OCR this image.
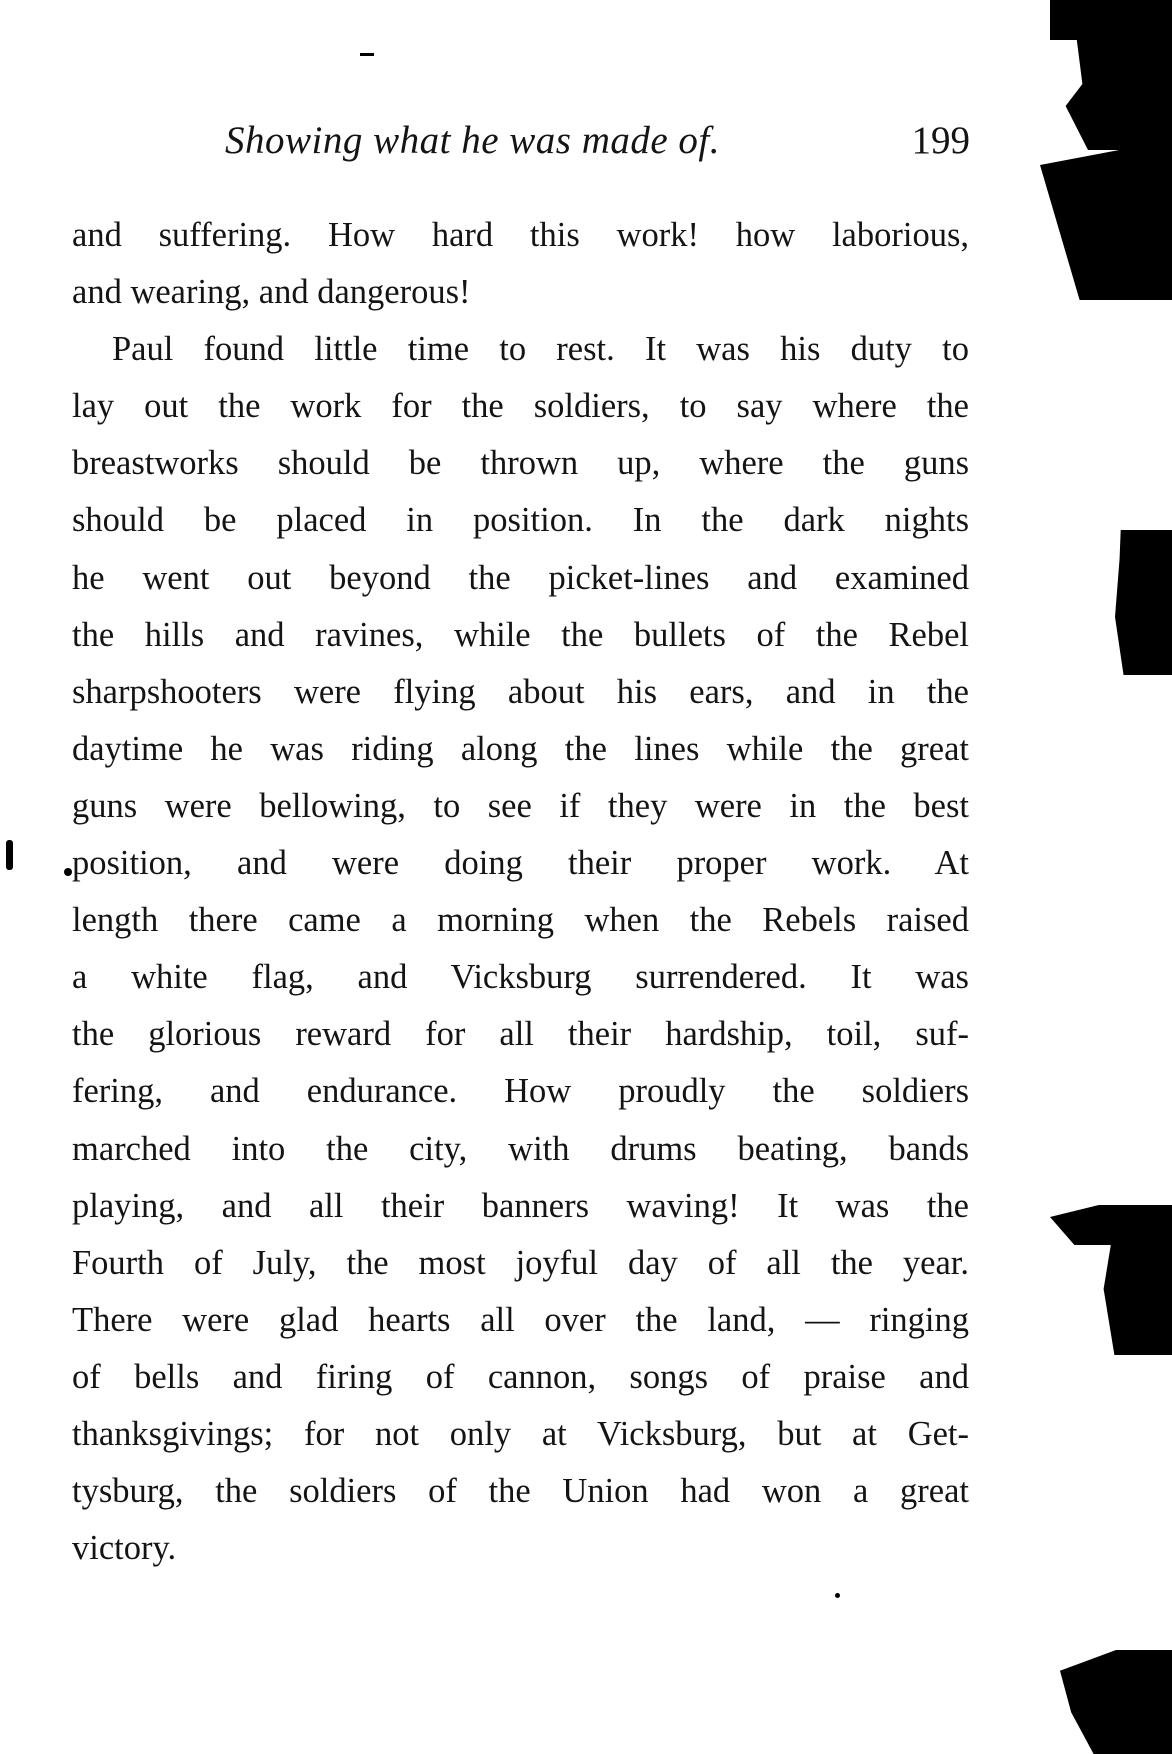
Showing what he was made of.	199
and suffering. How hard this work! how laborious,
and wearing, and dangerous!
Paul found little time to rest. It was his duty to
lay out the work for the soldiers, to say where the
breastworks should be thrown up, where the guns
should be placed in position. In the dark nights
he went out beyond the picket-lines and examined
the hills and ravines, while the bullets of the Rebel
sharpshooters were flying about his ears, and in the
daytime he was riding along the lines while the great
guns were bellowing, to see if they were in the best
position, and were doing their proper work. At
length there came a morning when the Rebels raised
a white flag, and Vicksburg surrendered. It was
the glorious reward for all their hardship, toil, suf-
fering, and endurance. How proudly the soldiers
marched into the city, with drums beating, bands
playing, and all their banners waving! It was the
Fourth of July, the most joyful day of all the year.
There were glad hearts all over the land, — ringing
of bells and firing of cannon, songs of praise and
thanksgivings; for not only at Vicksburg, but at Get-
tysburg, the soldiers of the Union had won a great
victory.
